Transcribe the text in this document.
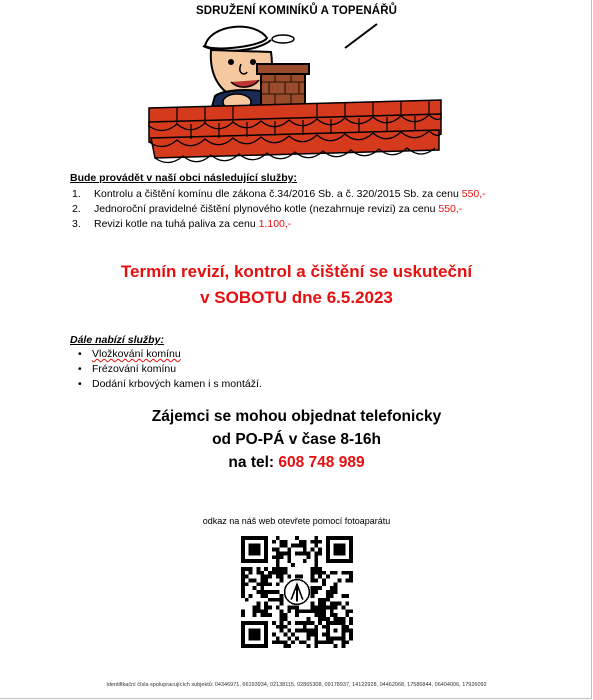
SDRUŽENÍ KOMINÍKŮ A TOPENÁŘŮ
Bude provádět v naší obci následující služby:
1. Kontrolu a čištění komínu dle zákona č.34/2016 Sb. a č. 320/2015 Sb. za cenu 550,-
2. Jednoroční pravidelné čištění plynového kotle (nezahrnuje revizi) za cenu 550,-
3. Revizi kotle na tuhá paliva za cenu 1.100,-
Termín revizí, kontrol a čištění se uskuteční
v SOBOTU dne 6.5.2023
Dále nabízí služby:
• Vložkování komínu
• Frézování komínu
• Dodání krbových kamen i s montáží.
Zájemci se mohou objednat telefonicky
od PO-PÁ v čase 8-16h
na tel: 608 748 989
odkaz na náš web otevřete pomocí fotoaparátu
Identifikační čísla spolupracujících subjektů: 04346971, 66193934, 02138115, 02865308, 09178937, 14122928, 04462068, 17586844, 06404006, 17926092
